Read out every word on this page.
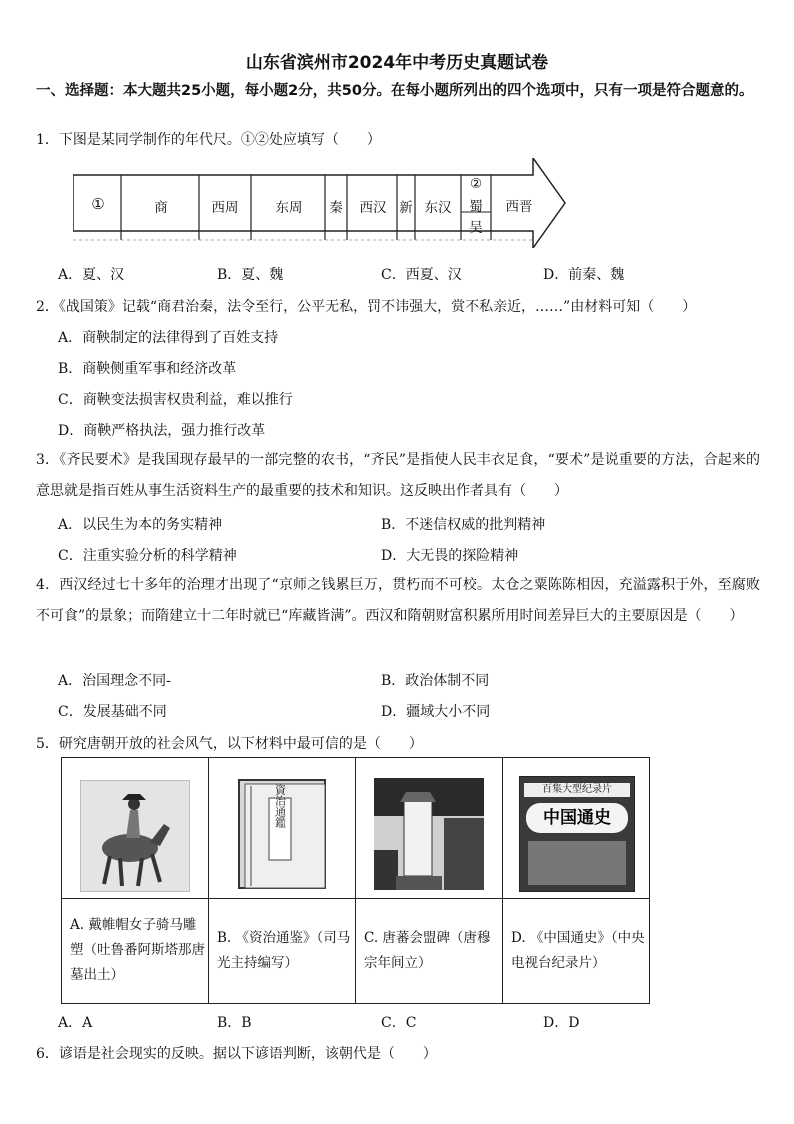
山东省滨州市2024年中考历史真题试卷
一、选择题：本大题共25小题，每小题2分，共50分。在每小题所列出的四个选项中，只有一项是符合题意的。
1．下图是某同学制作的年代尺。①②处应填写（　　）
①	商	西周	东周	秦	西汉 新 东汉
②
蜀
吴
西晋
A．夏、汉	B．夏、魏	C．西夏、汉	D．前秦、魏
2．《战国策》记载“商君治秦，法令至行，公平无私，罚不讳强大，赏不私亲近，……”由材料可知（　　）
A．商鞅制定的法律得到了百姓支持
B．商鞅侧重军事和经济改革
C．商鞅变法损害权贵利益，难以推行
D．商鞅严格执法，强力推行改革
3．《齐民要术》是我国现存最早的一部完整的农书，“齐民”是指使人民丰衣足食，“要术”是说重要的方法，合起来的意思就是指百姓从事生活资料生产的最重要的技术和知识。这反映出作者具有（　　）
A．以民生为本的务实精神	B．不迷信权威的批判精神
C．注重实验分析的科学精神	D．大无畏的探险精神
4．西汉经过七十多年的治理才出现了“京师之钱累巨万，贯朽而不可校。太仓之粟陈陈相因，充溢露积于外，至腐败不可食”的景象；而隋建立十二年时就已“库藏皆满”。西汉和隋朝财富积累所用时间差异巨大的主要原因是（　　）
A．治国理念不同-	B．政治体制不同
C．发展基础不同	D．疆域大小不同
5．研究唐朝开放的社会风气，以下材料中最可信的是（　　）

資治通鑑		百集大型纪录片
中国通史

A. 戴帷帽女子骑马雕塑（吐鲁番阿斯塔那唐墓出土）	B. 《资治通鉴》（司马光主持编写）	C. 唐蕃会盟碑（唐穆宗年间立）	D. 《中国通史》（中央电视台纪录片）
A．A	B．B	C．C	D．D
6．谚语是社会现实的反映。据以下谚语判断，该朝代是（　　）
